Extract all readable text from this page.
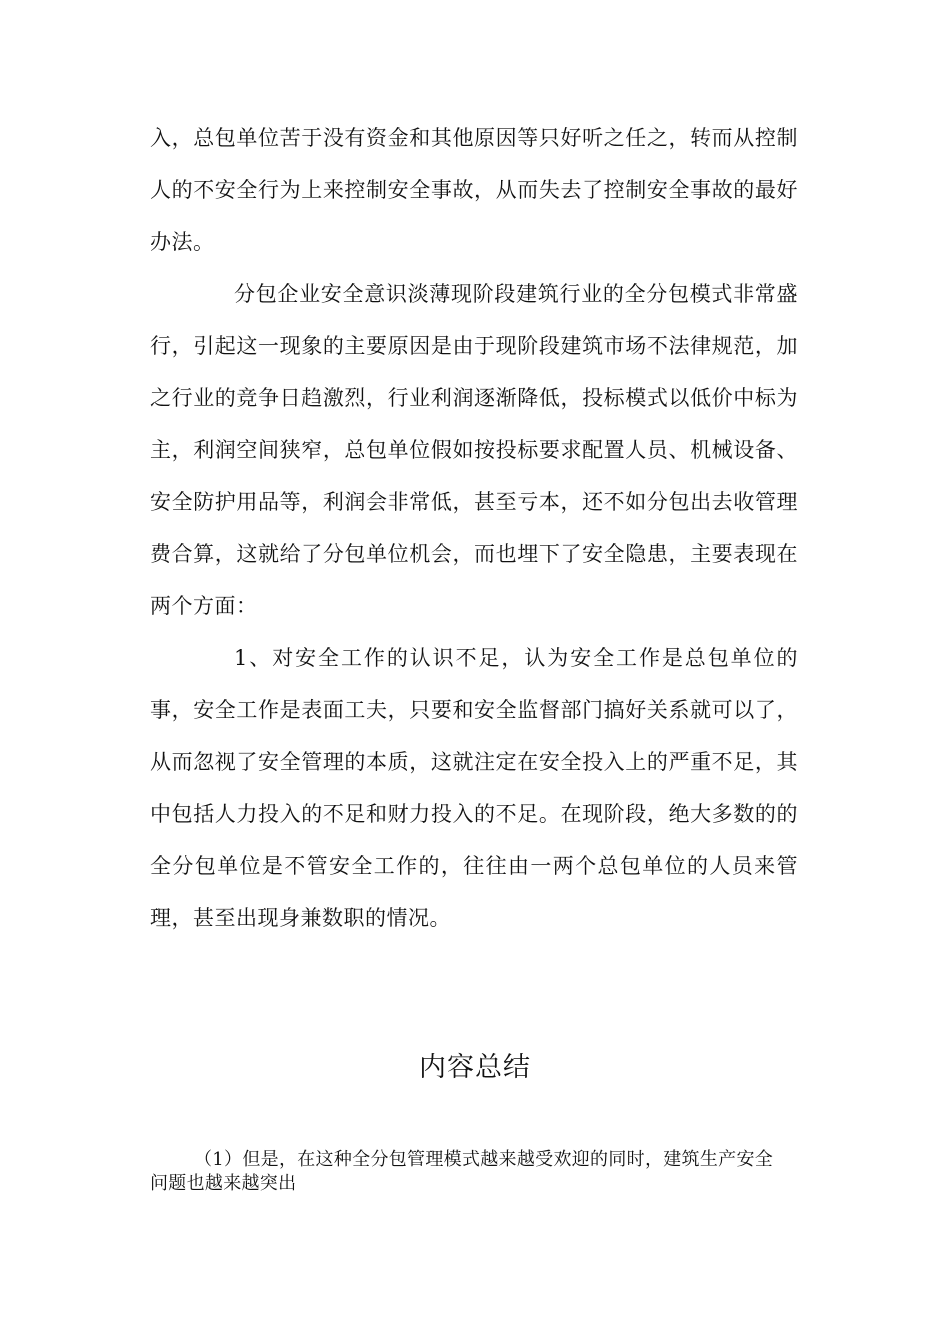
入，总包单位苦于没有资金和其他原因等只好听之任之，转而从控制人的不安全行为上来控制安全事故，从而失去了控制安全事故的最好办法。

分包企业安全意识淡薄现阶段建筑行业的全分包模式非常盛行，引起这一现象的主要原因是由于现阶段建筑市场不法律规范，加之行业的竞争日趋激烈，行业利润逐渐降低，投标模式以低价中标为主，利润空间狭窄，总包单位假如按投标要求配置人员、机械设备、安全防护用品等，利润会非常低，甚至亏本，还不如分包出去收管理费合算，这就给了分包单位机会，而也埋下了安全隐患，主要表现在两个方面：

1、对安全工作的认识不足，认为安全工作是总包单位的事，安全工作是表面工夫，只要和安全监督部门搞好关系就可以了，从而忽视了安全管理的本质，这就注定在安全投入上的严重不足，其中包括人力投入的不足和财力投入的不足。在现阶段，绝大多数的的全分包单位是不管安全工作的，往往由一两个总包单位的人员来管理，甚至出现身兼数职的情况。

内容总结

（1）但是，在这种全分包管理模式越来越受欢迎的同时，建筑生产安全问题也越来越突出
